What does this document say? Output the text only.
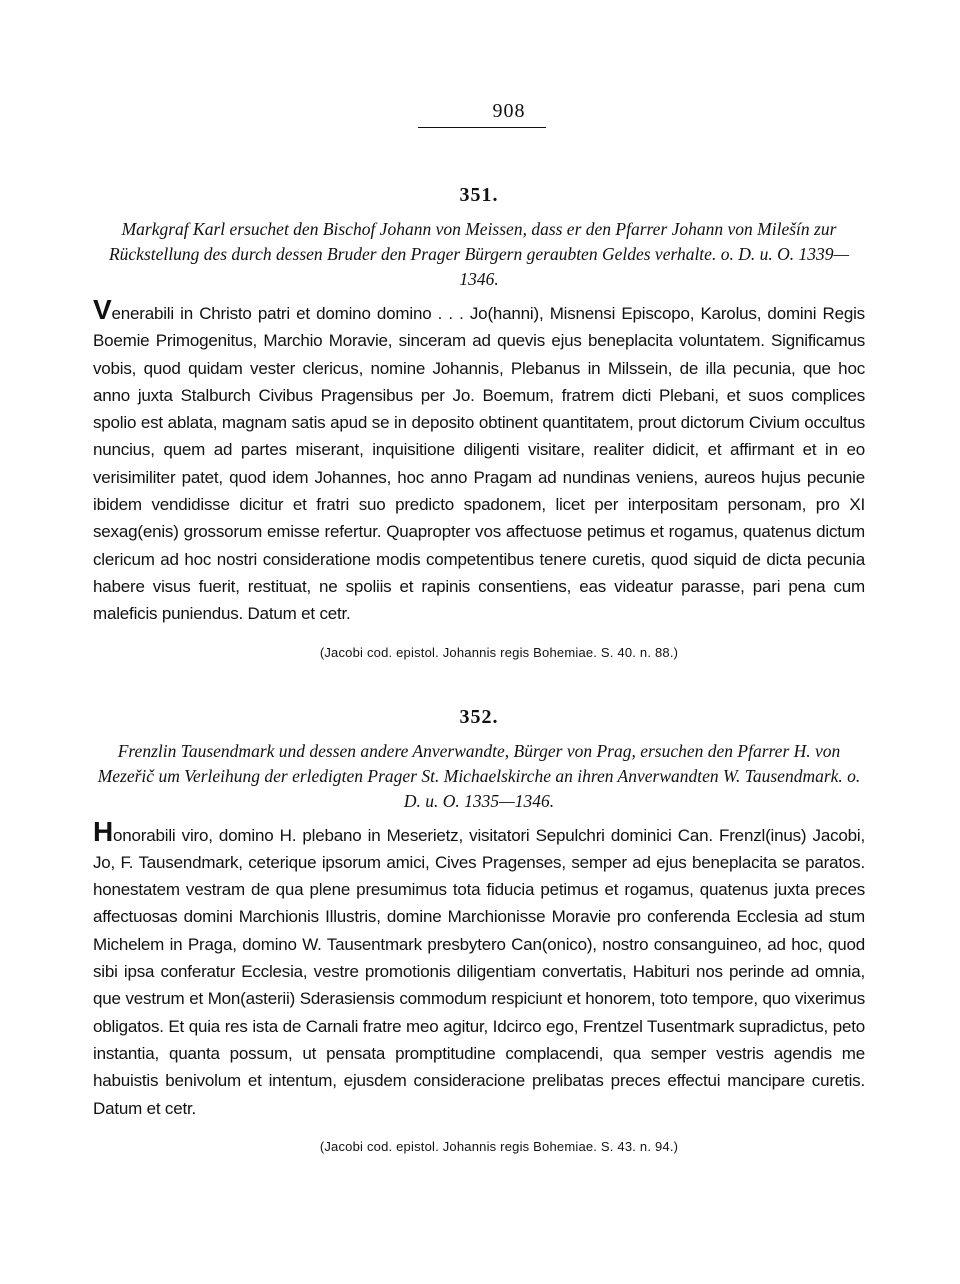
908
351.
Markgraf Karl ersuchet den Bischof Johann von Meissen, dass er den Pfarrer Johann von Milešín zur Rückstellung des durch dessen Bruder den Prager Bürgern geraubten Geldes verhalte. o. D. u. O. 1339—1346.

Venerabili in Christo patri et domino domino . . . Jo(hanni), Misnensi Episcopo, Karolus, domini Regis Boemie Primogenitus, Marchio Moravie, sinceram ad quevis ejus beneplacita voluntatem. Significamus vobis, quod quidam vester clericus, nomine Johannis, Plebanus in Milssein, de illa pecunia, que hoc anno juxta Stalburch Civibus Pragensibus per Jo. Boemum, fratrem dicti Plebani, et suos complices spolio est ablata, magnam satis apud se in deposito obtinent quantitatem, prout dictorum Civium occultus nuncius, quem ad partes miserant, inquisitione diligenti visitare, realiter didicit, et affirmant et in eo verisimiliter patet, quod idem Johannes, hoc anno Pragam ad nundinas veniens, aureos hujus pecunie ibidem vendidisse dicitur et fratri suo predicto spadonem, licet per interpositam personam, pro XI sexag(enis) grossorum emisse refertur. Quapropter vos affectuose petimus et rogamus, quatenus dictum clericum ad hoc nostri consideratione modis competentibus tenere curetis, quod siquid de dicta pecunia habere visus fuerit, restituat, ne spoliis et rapinis consentiens, eas videatur parasse, pari pena cum maleficis puniendus. Datum et cetr.

(Jacobi cod. epistol. Johannis regis Bohemiae. S. 40. n. 88.)
352.
Frenzlin Tausendmark und dessen andere Anverwandte, Bürger von Prag, ersuchen den Pfarrer H. von Mezeřič um Verleihung der erledigten Prager St. Michaelskirche an ihren Anverwandten W. Tausendmark. o. D. u. O. 1335—1346.

Honorabili viro, domino H. plebano in Meserietz, visitatori Sepulchri dominici Can. Frenzl(inus) Jacobi, Jo, F. Tausendmark, ceterique ipsorum amici, Cives Pragenses, semper ad ejus beneplacita se paratos. honestatem vestram de qua plene presumimus tota fiducia petimus et rogamus, quatenus juxta preces affectuosas domini Marchionis Illustris, domine Marchionisse Moravie pro conferenda Ecclesia ad stum Michelem in Praga, domino W. Tausentmark presbytero Can(onico), nostro consanguineo, ad hoc, quod sibi ipsa conferatur Ecclesia, vestre promotionis diligentiam convertatis, Habituri nos perinde ad omnia, que vestrum et Mon(asterii) Sderasiensis commodum respiciunt et honorem, toto tempore, quo vixerimus obligatos. Et quia res ista de Carnali fratre meo agitur, Idcirco ego, Frentzel Tusentmark supradictus, peto instantia, quanta possum, ut pensata promptitudine complacendi, qua semper vestris agendis me habuistis benivolum et intentum, ejusdem consideracione prelibatas preces effectui mancipare curetis. Datum et cetr.

(Jacobi cod. epistol. Johannis regis Bohemiae. S. 43. n. 94.)
